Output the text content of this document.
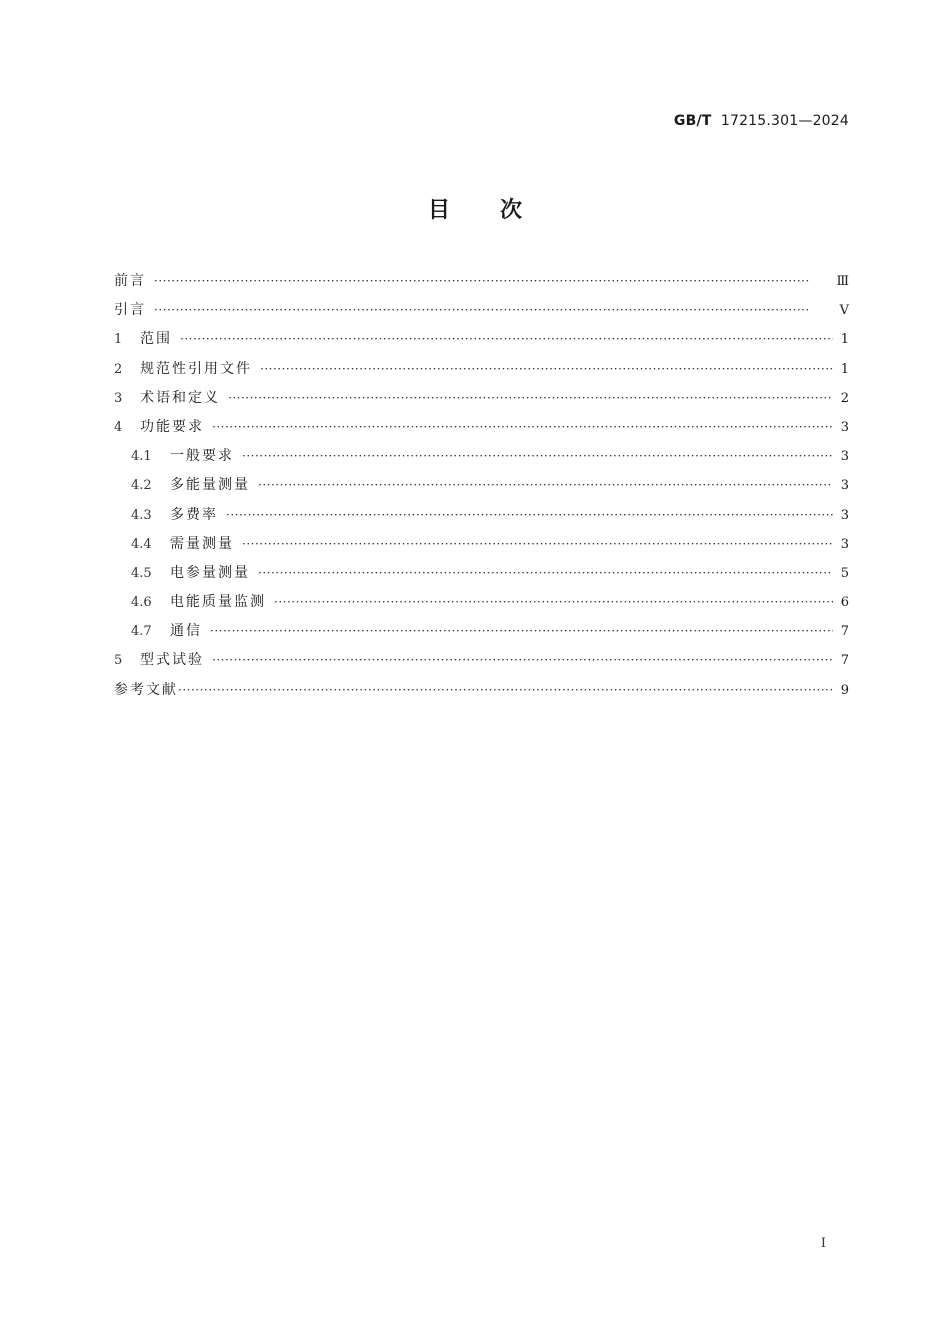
GB/T 17215.301—2024
目次
前言 ·····	Ⅲ
引言 ·····	Ⅴ
1	范围 ·····	1
2	规范性引用文件 ·····	1
3	术语和定义 ·····	2
4	功能要求 ·····	3
4.1	一般要求 ·····	3
4.2	多能量测量 ·····	3
4.3	多费率 ·····	3
4.4	需量测量 ·····	3
4.5	电参量测量 ·····	5
4.6	电能质量监测 ·····	6
4.7	通信 ·····	7
5	型式试验 ·····	7
参考文献 ·····	9
I
